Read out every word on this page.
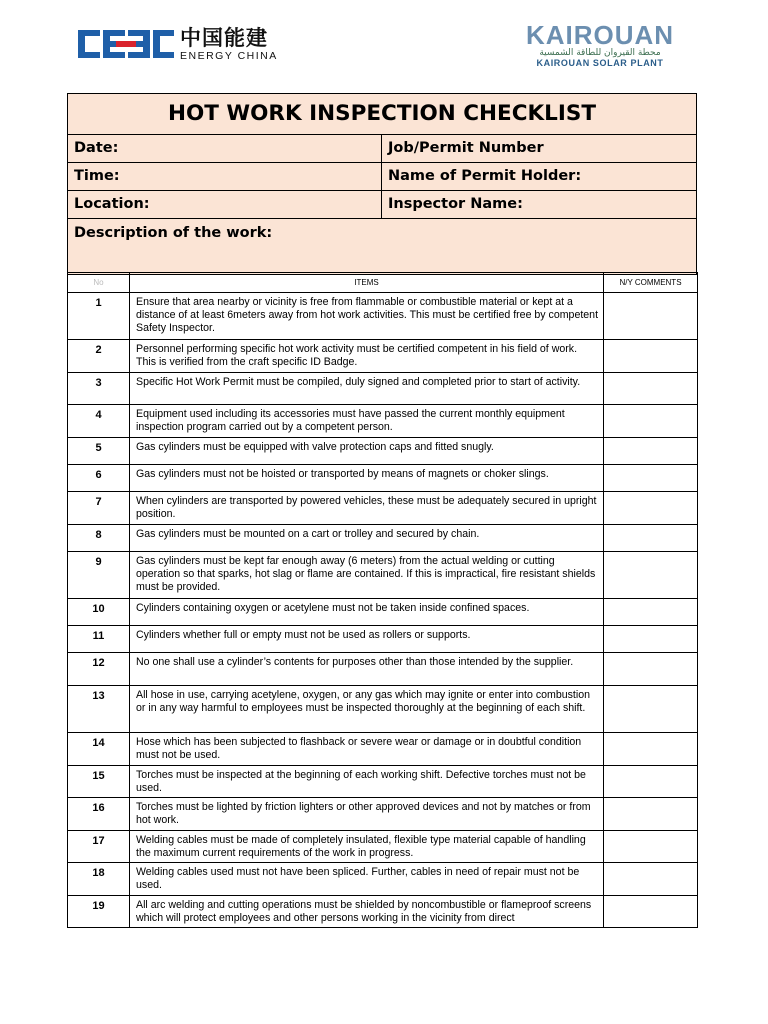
中国能建
ENERGY CHINA
KAIROUAN
محطة القيروان للطاقة الشمسية
KAIROUAN SOLAR PLANT
HOT WORK INSPECTION CHECKLIST
Date:	Job/Permit Number
Time:	Name of Permit Holder:
Location:	Inspector Name:
Description of the work:
No	ITEMS	N/Y COMMENTS
1	Ensure that area nearby or vicinity is free from flammable or combustible material or kept at a distance of at least 6meters away from hot work activities. This must be certified free by competent Safety Inspector.	
2	Personnel performing specific hot work activity must be certified competent in his field of work. This is verified from the craft specific ID Badge.	
3	Specific Hot Work Permit must be compiled, duly signed and completed prior to start of activity.	
4	Equipment used including its accessories must have passed the current monthly equipment inspection program carried out by a competent person.	
5	Gas cylinders must be equipped with valve protection caps and fitted snugly.	
6	Gas cylinders must not be hoisted or transported by means of magnets or choker slings.	
7	When cylinders are transported by powered vehicles, these must be adequately secured in upright position.	
8	Gas cylinders must be mounted on a cart or trolley and secured by chain.	
9	Gas cylinders must be kept far enough away (6 meters) from the actual welding or cutting operation so that sparks, hot slag or flame are contained. If this is impractical, fire resistant shields must be provided.	
10	Cylinders containing oxygen or acetylene must not be taken inside confined spaces.	
11	Cylinders whether full or empty must not be used as rollers or supports.	
12	No one shall use a cylinder’s contents for purposes other than those intended by the supplier.	
13	All hose in use, carrying acetylene, oxygen, or any gas which may ignite or enter into combustion or in any way harmful to employees must be inspected thoroughly at the beginning of each shift.	
14	Hose which has been subjected to flashback or severe wear or damage or in doubtful condition must not be used.	
15	Torches must be inspected at the beginning of each working shift. Defective torches must not be used.	
16	Torches must be lighted by friction lighters or other approved devices and not by matches or from hot work.	
17	Welding cables must be made of completely insulated, flexible type material capable of handling the maximum current requirements of the work in progress.	
18	Welding cables used must not have been spliced. Further, cables in need of repair must not be used.	
19	All arc welding and cutting operations must be shielded by noncombustible or flameproof screens which will protect employees and other persons working in the vicinity from direct	
